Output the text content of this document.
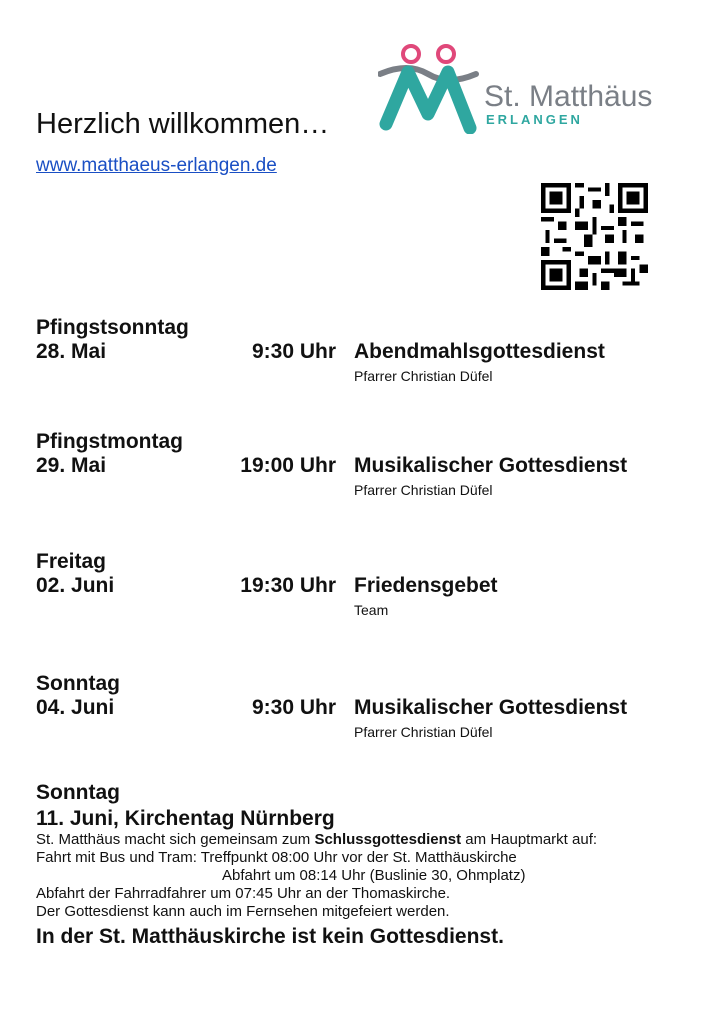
Herzlich willkommen…
www.matthaeus-erlangen.de
St. Matthäus
ERLANGEN
Pfingstsonntag
28. Mai	9:30 Uhr Abendmahlsgottesdienst
Pfarrer Christian Düfel
Pfingstmontag
29. Mai	19:00 Uhr Musikalischer Gottesdienst
Pfarrer Christian Düfel
Freitag
02. Juni	19:30 Uhr Friedensgebet
Team
Sonntag
04. Juni	9:30 Uhr Musikalischer Gottesdienst
Pfarrer Christian Düfel
Sonntag
11. Juni, Kirchentag Nürnberg
St. Matthäus macht sich gemeinsam zum Schlussgottesdienst am Hauptmarkt auf:
Fahrt mit Bus und Tram: Treffpunkt 08:00 Uhr vor der St. Matthäuskirche
Abfahrt um 08:14 Uhr (Buslinie 30, Ohmplatz)
Abfahrt der Fahrradfahrer um 07:45 Uhr an der Thomaskirche.
Der Gottesdienst kann auch im Fernsehen mitgefeiert werden.
In der St. Matthäuskirche ist kein Gottesdienst.
